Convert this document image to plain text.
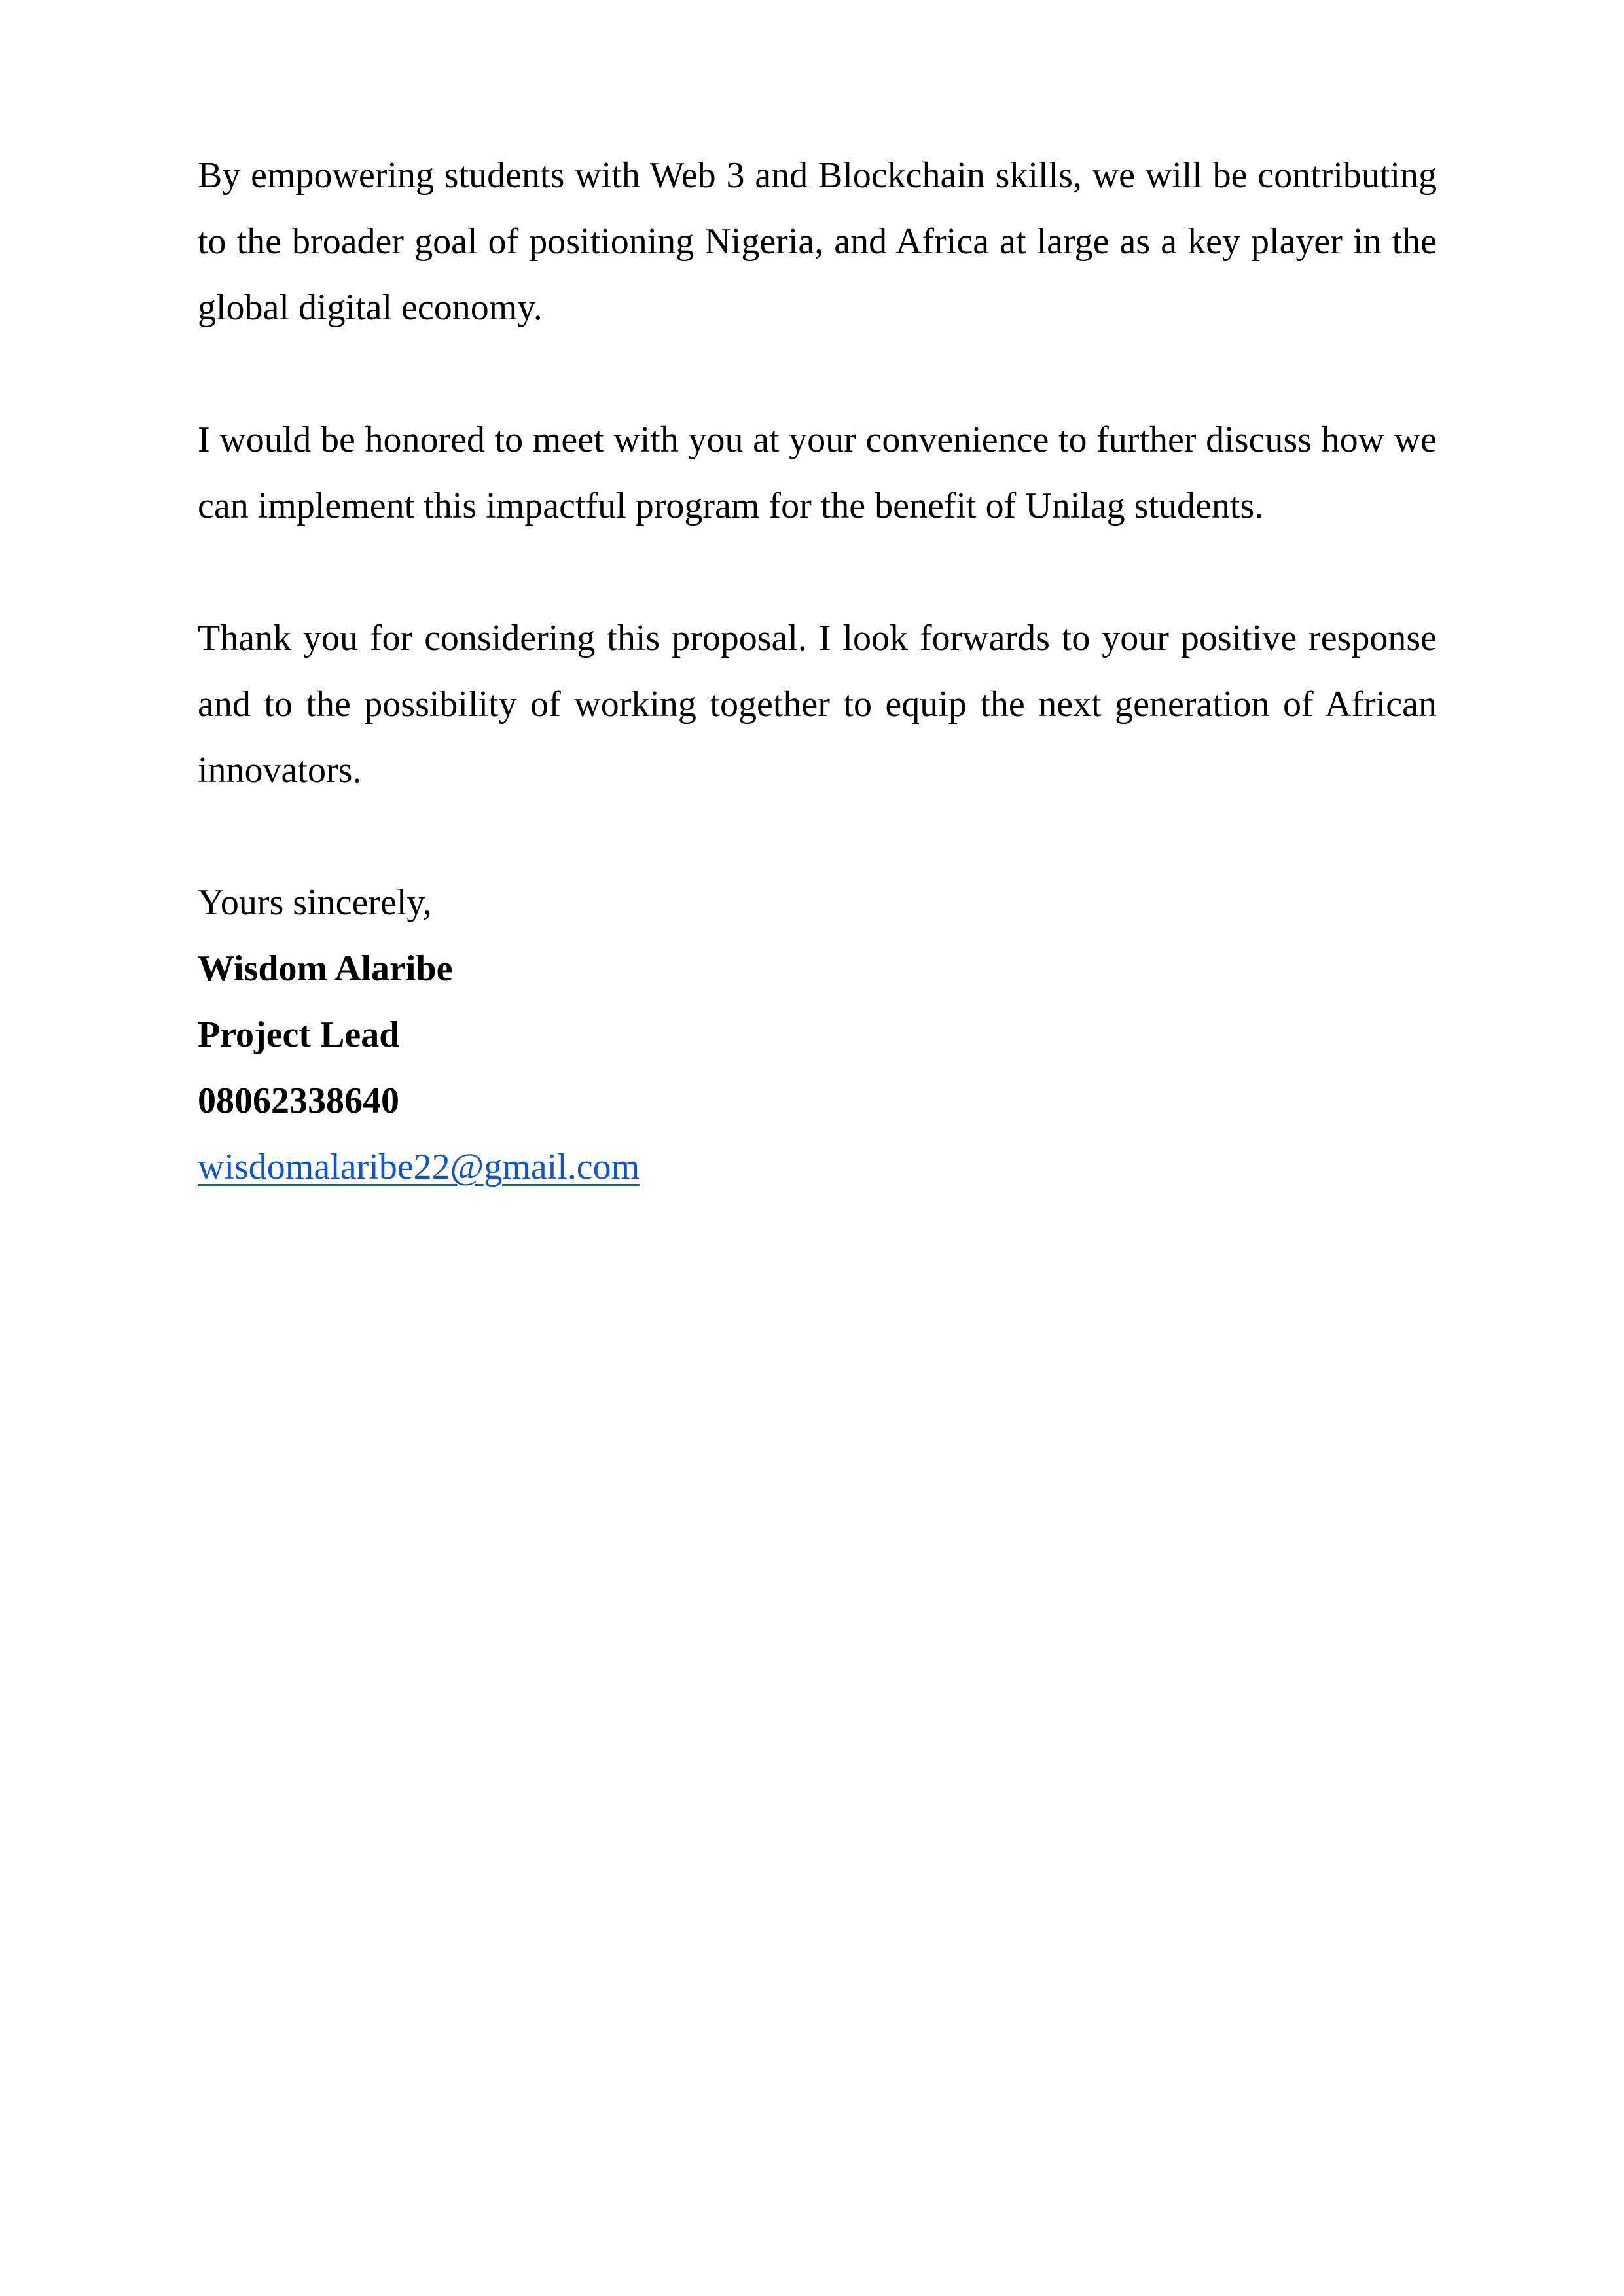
By empowering students with Web 3 and Blockchain skills, we will be contributing to the broader goal of positioning Nigeria, and Africa at large as a key player in the global digital economy.

I would be honored to meet with you at your convenience to further discuss how we can implement this impactful program for the benefit of Unilag students.

Thank you for considering this proposal. I look forwards to your positive response and to the possibility of working together to equip the next generation of African innovators.

Yours sincerely,
Wisdom Alaribe
Project Lead
08062338640
wisdomalaribe22@gmail.com
